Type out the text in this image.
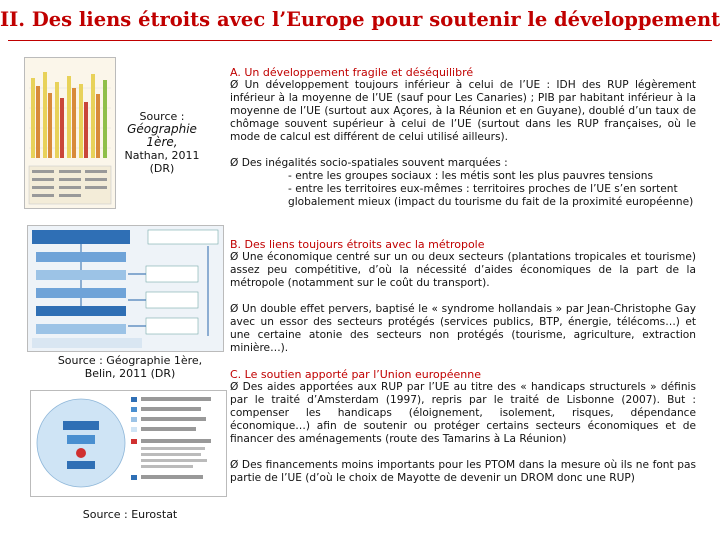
II. Des liens étroits avec l’Europe pour soutenir le développement
Source :
Géographie 1ère,
Nathan, 2011
(DR)
Source : Géographie 1ère,
Belin, 2011 (DR)
Source : Eurostat

A. Un développement fragile et déséquilibré

Ø Un développement toujours inférieur à celui de l’UE : IDH des RUP légèrement inférieur à la moyenne de l’UE (sauf pour Les Canaries) ; PIB par habitant inférieur à la moyenne de l’UE (surtout aux Açores, à la Réunion et en Guyane), doublé d’un taux de chômage souvent supérieur à celui de l’UE (surtout dans les RUP françaises, où le mode de calcul est différent de celui utilisé ailleurs).

Ø Des inégalités socio-spatiales souvent marquées :

- entre les groupes sociaux : les métis sont les plus pauvres tensions

- entre les territoires eux-mêmes : territoires proches de l’UE s’en sortent globalement mieux (impact du tourisme du fait de la proximité européenne)

B. Des liens toujours étroits avec la métropole

Ø Une économique centré sur un ou deux secteurs (plantations tropicales et tourisme) assez peu compétitive, d’où la nécessité d’aides économiques de la part de la métropole (notamment sur le coût du transport).

Ø Un double effet pervers, baptisé le « syndrome hollandais » par Jean-Christophe Gay avec un essor des secteurs protégés (services publics, BTP, énergie, télécoms…) et une certaine atonie des secteurs non protégés (tourisme, agriculture, extraction minière…).

C. Le soutien apporté par l’Union européenne

Ø Des aides apportées aux RUP par l’UE au titre des « handicaps structurels » définis par le traité d’Amsterdam (1997), repris par le traité de Lisbonne (2007). But : compenser les handicaps (éloignement, isolement, risques, dépendance économique…) afin de soutenir ou protéger certains secteurs économiques et de financer des aménagements (route des Tamarins à La Réunion)

Ø Des financements moins importants pour les PTOM dans la mesure où ils ne font pas partie de l’UE (d’où le choix de Mayotte de devenir un DROM donc une RUP)
